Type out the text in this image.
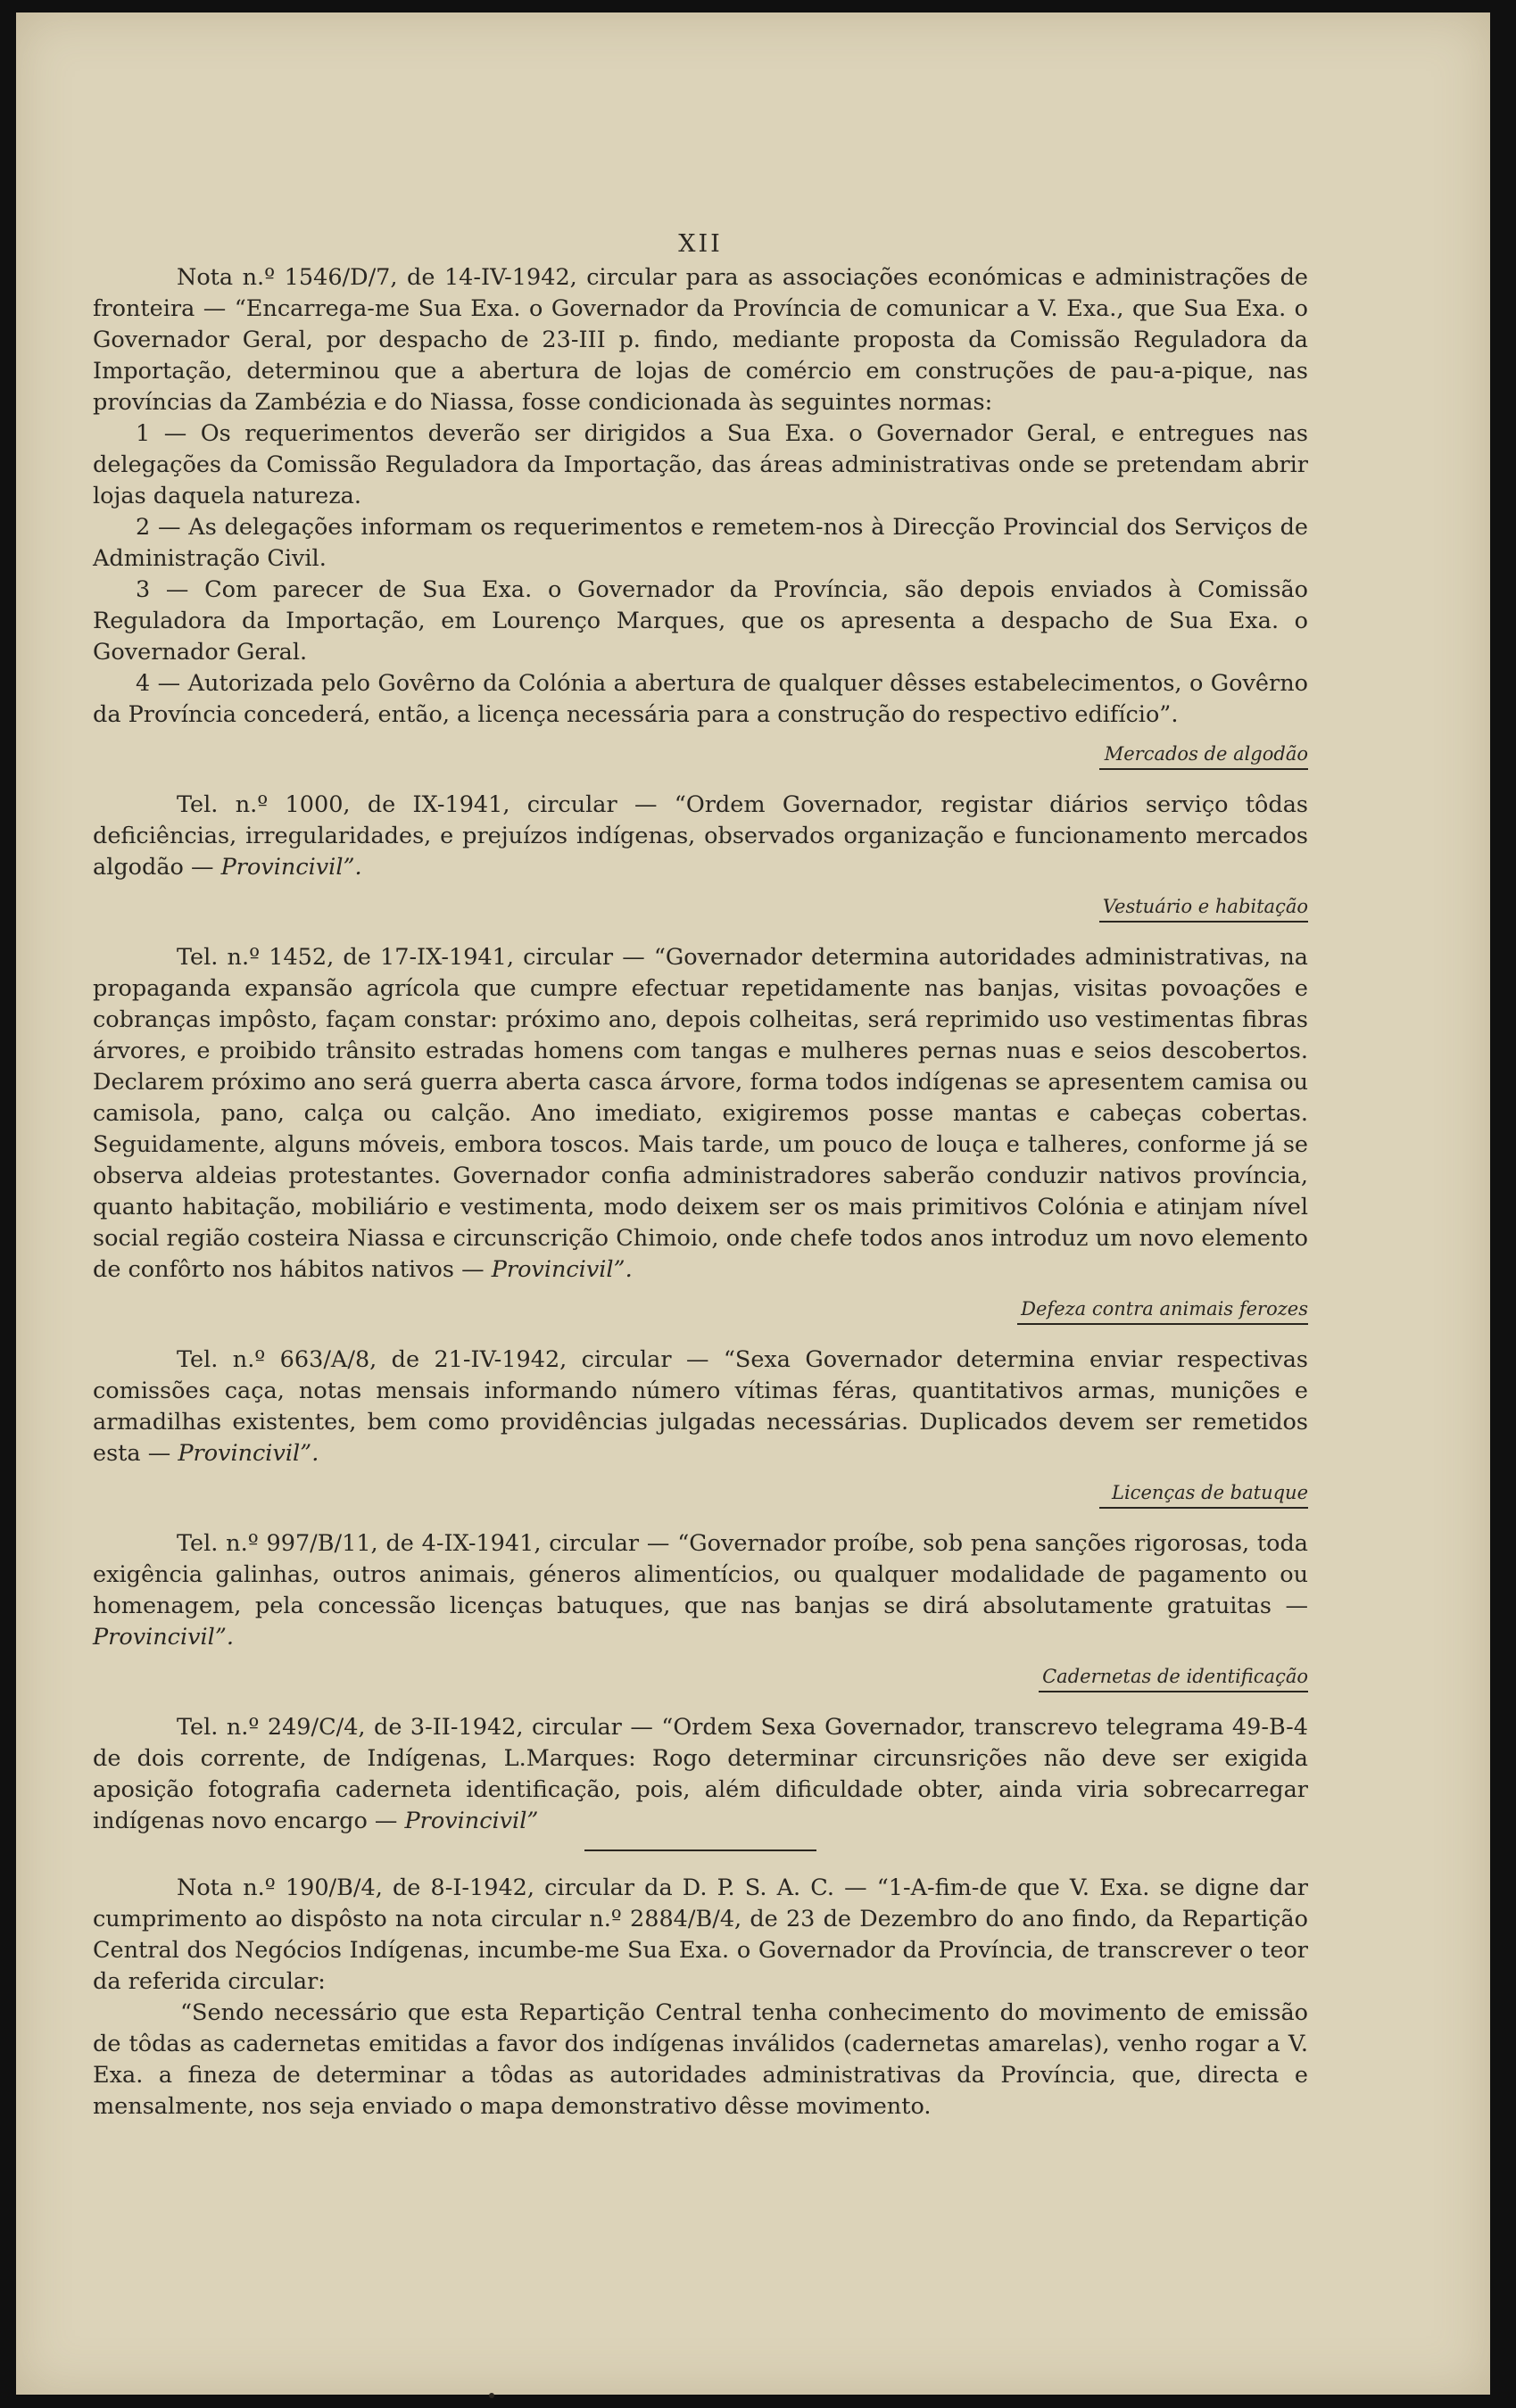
XII

Nota n.º 1546/D/7, de 14-IV-1942, circular para as associações económicas e administrações de fronteira — “Encarrega-me Sua Exa. o Governador da Província de comunicar a V. Exa., que Sua Exa. o Governador Geral, por despacho de 23-III p. findo, mediante proposta da Comissão Reguladora da Importação, determinou que a abertura de lojas de comércio em construções de pau-a-pique, nas províncias da Zambézia e do Niassa, fosse condicionada às seguintes normas:

1 — Os requerimentos deverão ser dirigidos a Sua Exa. o Governador Geral, e entregues nas delegações da Comissão Reguladora da Importação, das áreas administrativas onde se pretendam abrir lojas daquela natureza.

2 — As delegações informam os requerimentos e remetem-nos à Direcção Provincial dos Serviços de Administração Civil.

3 — Com parecer de Sua Exa. o Governador da Província, são depois enviados à Comissão Reguladora da Importação, em Lourenço Marques, que os apresenta a despacho de Sua Exa. o Governador Geral.

4 — Autorizada pelo Govêrno da Colónia a abertura de qualquer dêsses estabelecimentos, o Govêrno da Província concederá, então, a licença necessária para a construção do respectivo edifício”.

Mercados de algodão

Tel. n.º 1000, de IX-1941, circular — “Ordem Governador, registar diários serviço tôdas deficiências, irregularidades, e prejuízos indígenas, observados organização e funcionamento mercados algodão — Provincivil”.

Vestuário e habitação

Tel. n.º 1452, de 17-IX-1941, circular — “Governador determina autoridades administrativas, na propaganda expansão agrícola que cumpre efectuar repetidamente nas banjas, visitas povoações e cobranças impôsto, façam constar: próximo ano, depois colheitas, será reprimido uso vestimentas fibras árvores, e proibido trânsito estradas homens com tangas e mulheres pernas nuas e seios descobertos. Declarem próximo ano será guerra aberta casca árvore, forma todos indígenas se apresentem camisa ou camisola, pano, calça ou calção. Ano imediato, exigiremos posse mantas e cabeças cobertas. Seguidamente, alguns móveis, embora toscos. Mais tarde, um pouco de louça e talheres, conforme já se observa aldeias protestantes. Governador confia administradores saberão conduzir nativos província, quanto habitação, mobiliário e vestimenta, modo deixem ser os mais primitivos Colónia e atinjam nível social região costeira Niassa e circunscrição Chimoio, onde chefe todos anos introduz um novo elemento de confôrto nos hábitos nativos — Provincivil”.

Defeza contra animais ferozes

Tel. n.º 663/A/8, de 21-IV-1942, circular — “Sexa Governador determina enviar respectivas comissões caça, notas mensais informando número vítimas féras, quantitativos armas, munições e armadilhas existentes, bem como providências julgadas necessárias. Duplicados devem ser remetidos esta — Provincivil”.

Licenças de batuque

Tel. n.º 997/B/11, de 4-IX-1941, circular — “Governador proíbe, sob pena sanções rigorosas, toda exigência galinhas, outros animais, géneros alimentícios, ou qualquer modalidade de pagamento ou homenagem, pela concessão licenças batuques, que nas banjas se dirá absolutamente gratuitas — Provincivil”.

Cadernetas de identificação

Tel. n.º 249/C/4, de 3-II-1942, circular — “Ordem Sexa Governador, transcrevo telegrama 49-B-4 de dois corrente, de Indígenas, L.Marques: Rogo determinar circunsrições não deve ser exigida aposição fotografia caderneta identificação, pois, além dificuldade obter, ainda viria sobrecarregar indígenas novo encargo — Provincivil”

Nota n.º 190/B/4, de 8-I-1942, circular da D. P. S. A. C. — “1-A-fim-de que V. Exa. se digne dar cumprimento ao dispôsto na nota circular n.º 2884/B/4, de 23 de Dezembro do ano findo, da Repartição Central dos Negócios Indígenas, incumbe-me Sua Exa. o Governador da Província, de transcrever o teor da referida circular:

“Sendo necessário que esta Repartição Central tenha conhecimento do movimento de emissão de tôdas as cadernetas emitidas a favor dos indígenas inválidos (cadernetas amarelas), venho rogar a V. Exa. a fineza de determinar a tôdas as autoridades administrativas da Província, que, directa e mensalmente, nos seja enviado o mapa demonstrativo dêsse movimento.
